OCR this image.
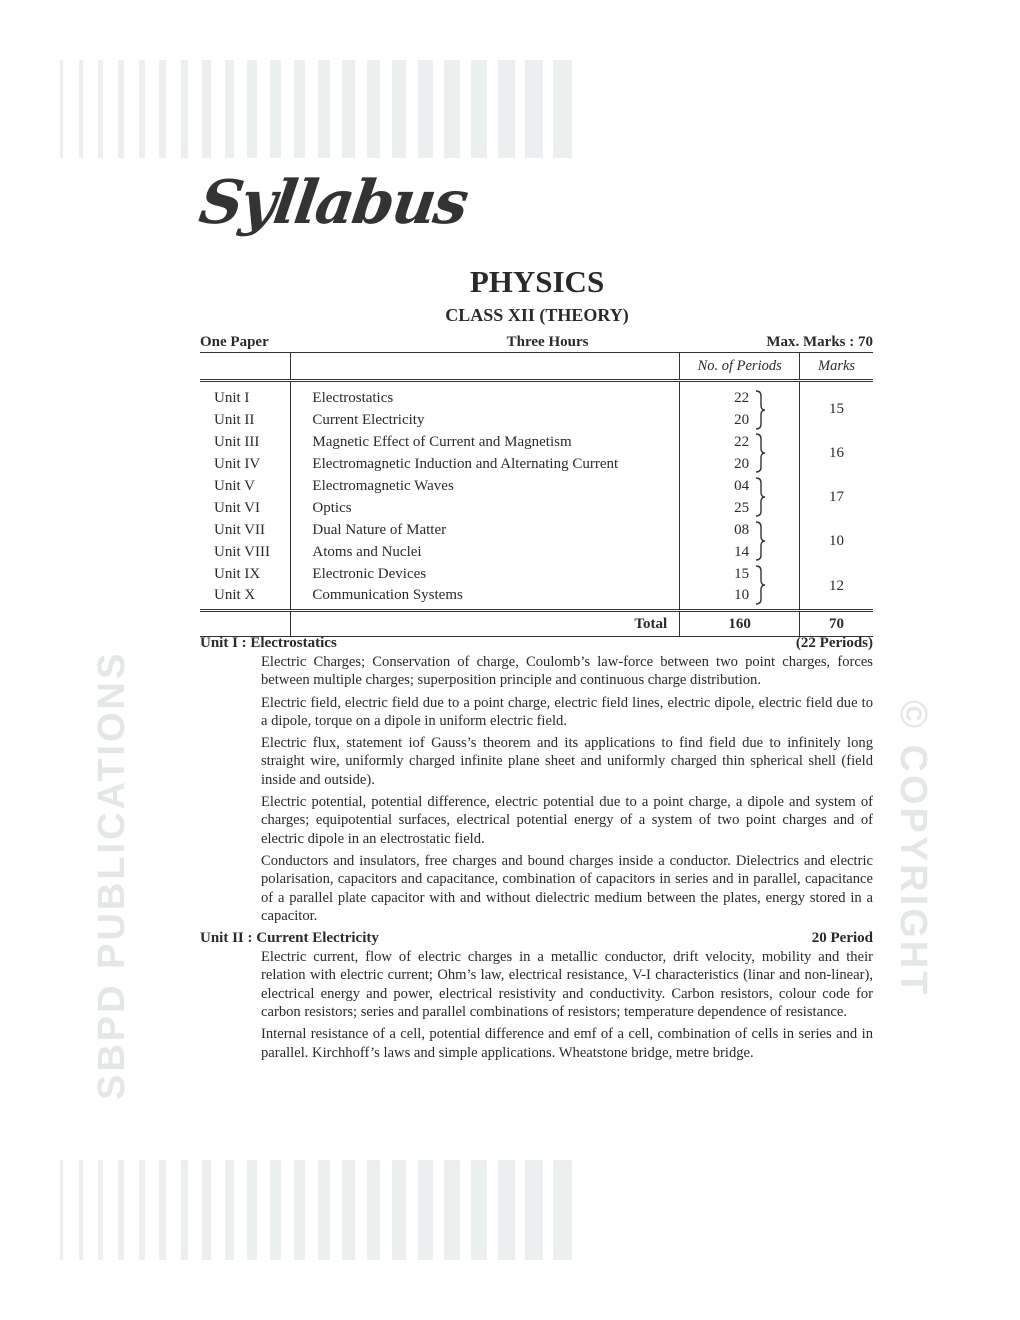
SBPD PUBLICATIONS	© COPYRIGHT
Syllabus
PHYSICS
CLASS XII (THEORY)
One Paper	Three Hours	Max. Marks : 70
		No. of Periods	Marks
Unit I	Electrostatics	22	15
Unit II	Current Electricity	20	
Unit III	Magnetic Effect of Current and Magnetism	22	16
Unit IV	Electromagnetic Induction and Alternating Current	20	
Unit V	Electromagnetic Waves	04	17
Unit VI	Optics	25	
Unit VII	Dual Nature of Matter	08	10
Unit VIII	Atoms and Nuclei	14	
Unit IX	Electronic Devices	15	12
Unit X	Communication Systems	10	
	Total	160	70
Unit I : Electrostatics	(22 Periods)

Electric Charges; Conservation of charge, Coulomb’s law-force between two point charges, forces between multiple charges; superposition principle and continuous charge distribution.

Electric field, electric field due to a point charge, electric field lines, electric dipole, electric field due to a dipole, torque on a dipole in uniform electric field.

Electric flux, statement iof Gauss’s theorem and its applications to find field due to infinitely long straight wire, uniformly charged infinite plane sheet and uniformly charged thin spherical shell (field inside and outside).

Electric potential, potential difference, electric potential due to a point charge, a dipole and system of charges; equipotential surfaces, electrical potential energy of a system of two point charges and of electric dipole in an electrostatic field.

Conductors and insulators, free charges and bound charges inside a conductor. Dielectrics and electric polarisation, capacitors and capacitance, combination of capacitors in series and in parallel, capacitance of a parallel plate capacitor with and without dielectric medium between the plates, energy stored in a capacitor.

Unit II : Current Electricity	20 Period

Electric current, flow of electric charges in a metallic conductor, drift velocity, mobility and their relation with electric current; Ohm’s law, electrical resistance, V-I characteristics (linar and non-linear), electrical energy and power, electrical resistivity and conductivity. Carbon resistors, colour code for carbon resistors; series and parallel combinations of resistors; temperature dependence of resistance.

Internal resistance of a cell, potential difference and emf of a cell, combination of cells in series and in parallel. Kirchhoff’s laws and simple applications. Wheatstone bridge, metre bridge.
